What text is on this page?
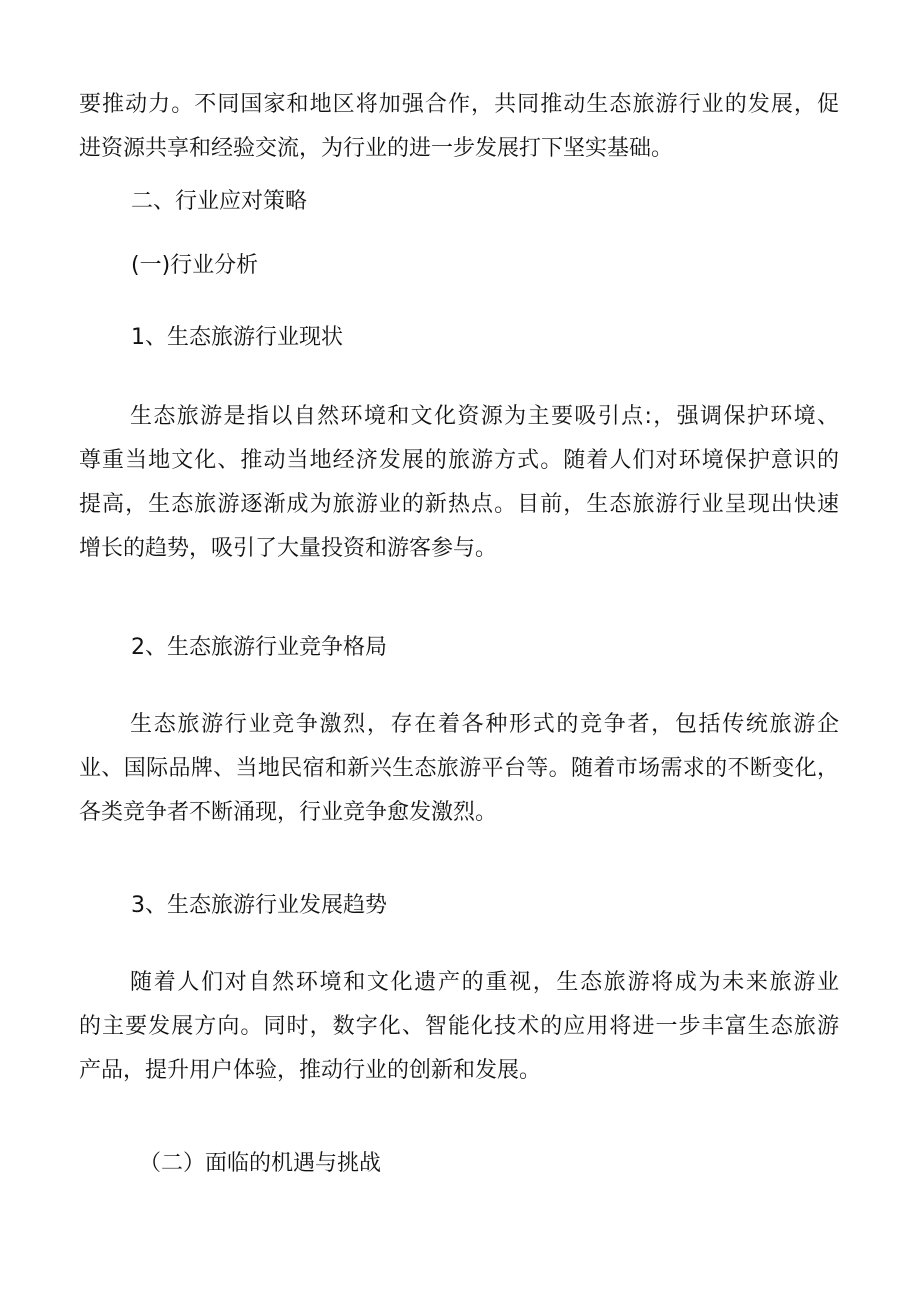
要推动力。不同国家和地区将加强合作，共同推动生态旅游行业的发展，促
进资源共享和经验交流，为行业的进一步发展打下坚实基础。
二、行业应对策略
(一)行业分析
1、生态旅游行业现状
生态旅游是指以自然环境和文化资源为主要吸引点:，强调保护环境、
尊重当地文化、推动当地经济发展的旅游方式。随着人们对环境保护意识的
提高，生态旅游逐渐成为旅游业的新热点。目前，生态旅游行业呈现出快速
增长的趋势，吸引了大量投资和游客参与。
2、生态旅游行业竞争格局
生态旅游行业竞争激烈，存在着各种形式的竞争者，包括传统旅游企
业、国际品牌、当地民宿和新兴生态旅游平台等。随着市场需求的不断变化，
各类竞争者不断涌现，行业竞争愈发激烈。
3、生态旅游行业发展趋势
随着人们对自然环境和文化遗产的重视，生态旅游将成为未来旅游业
的主要发展方向。同时，数字化、智能化技术的应用将进一步丰富生态旅游
产品，提升用户体验，推动行业的创新和发展。
（二）面临的机遇与挑战
